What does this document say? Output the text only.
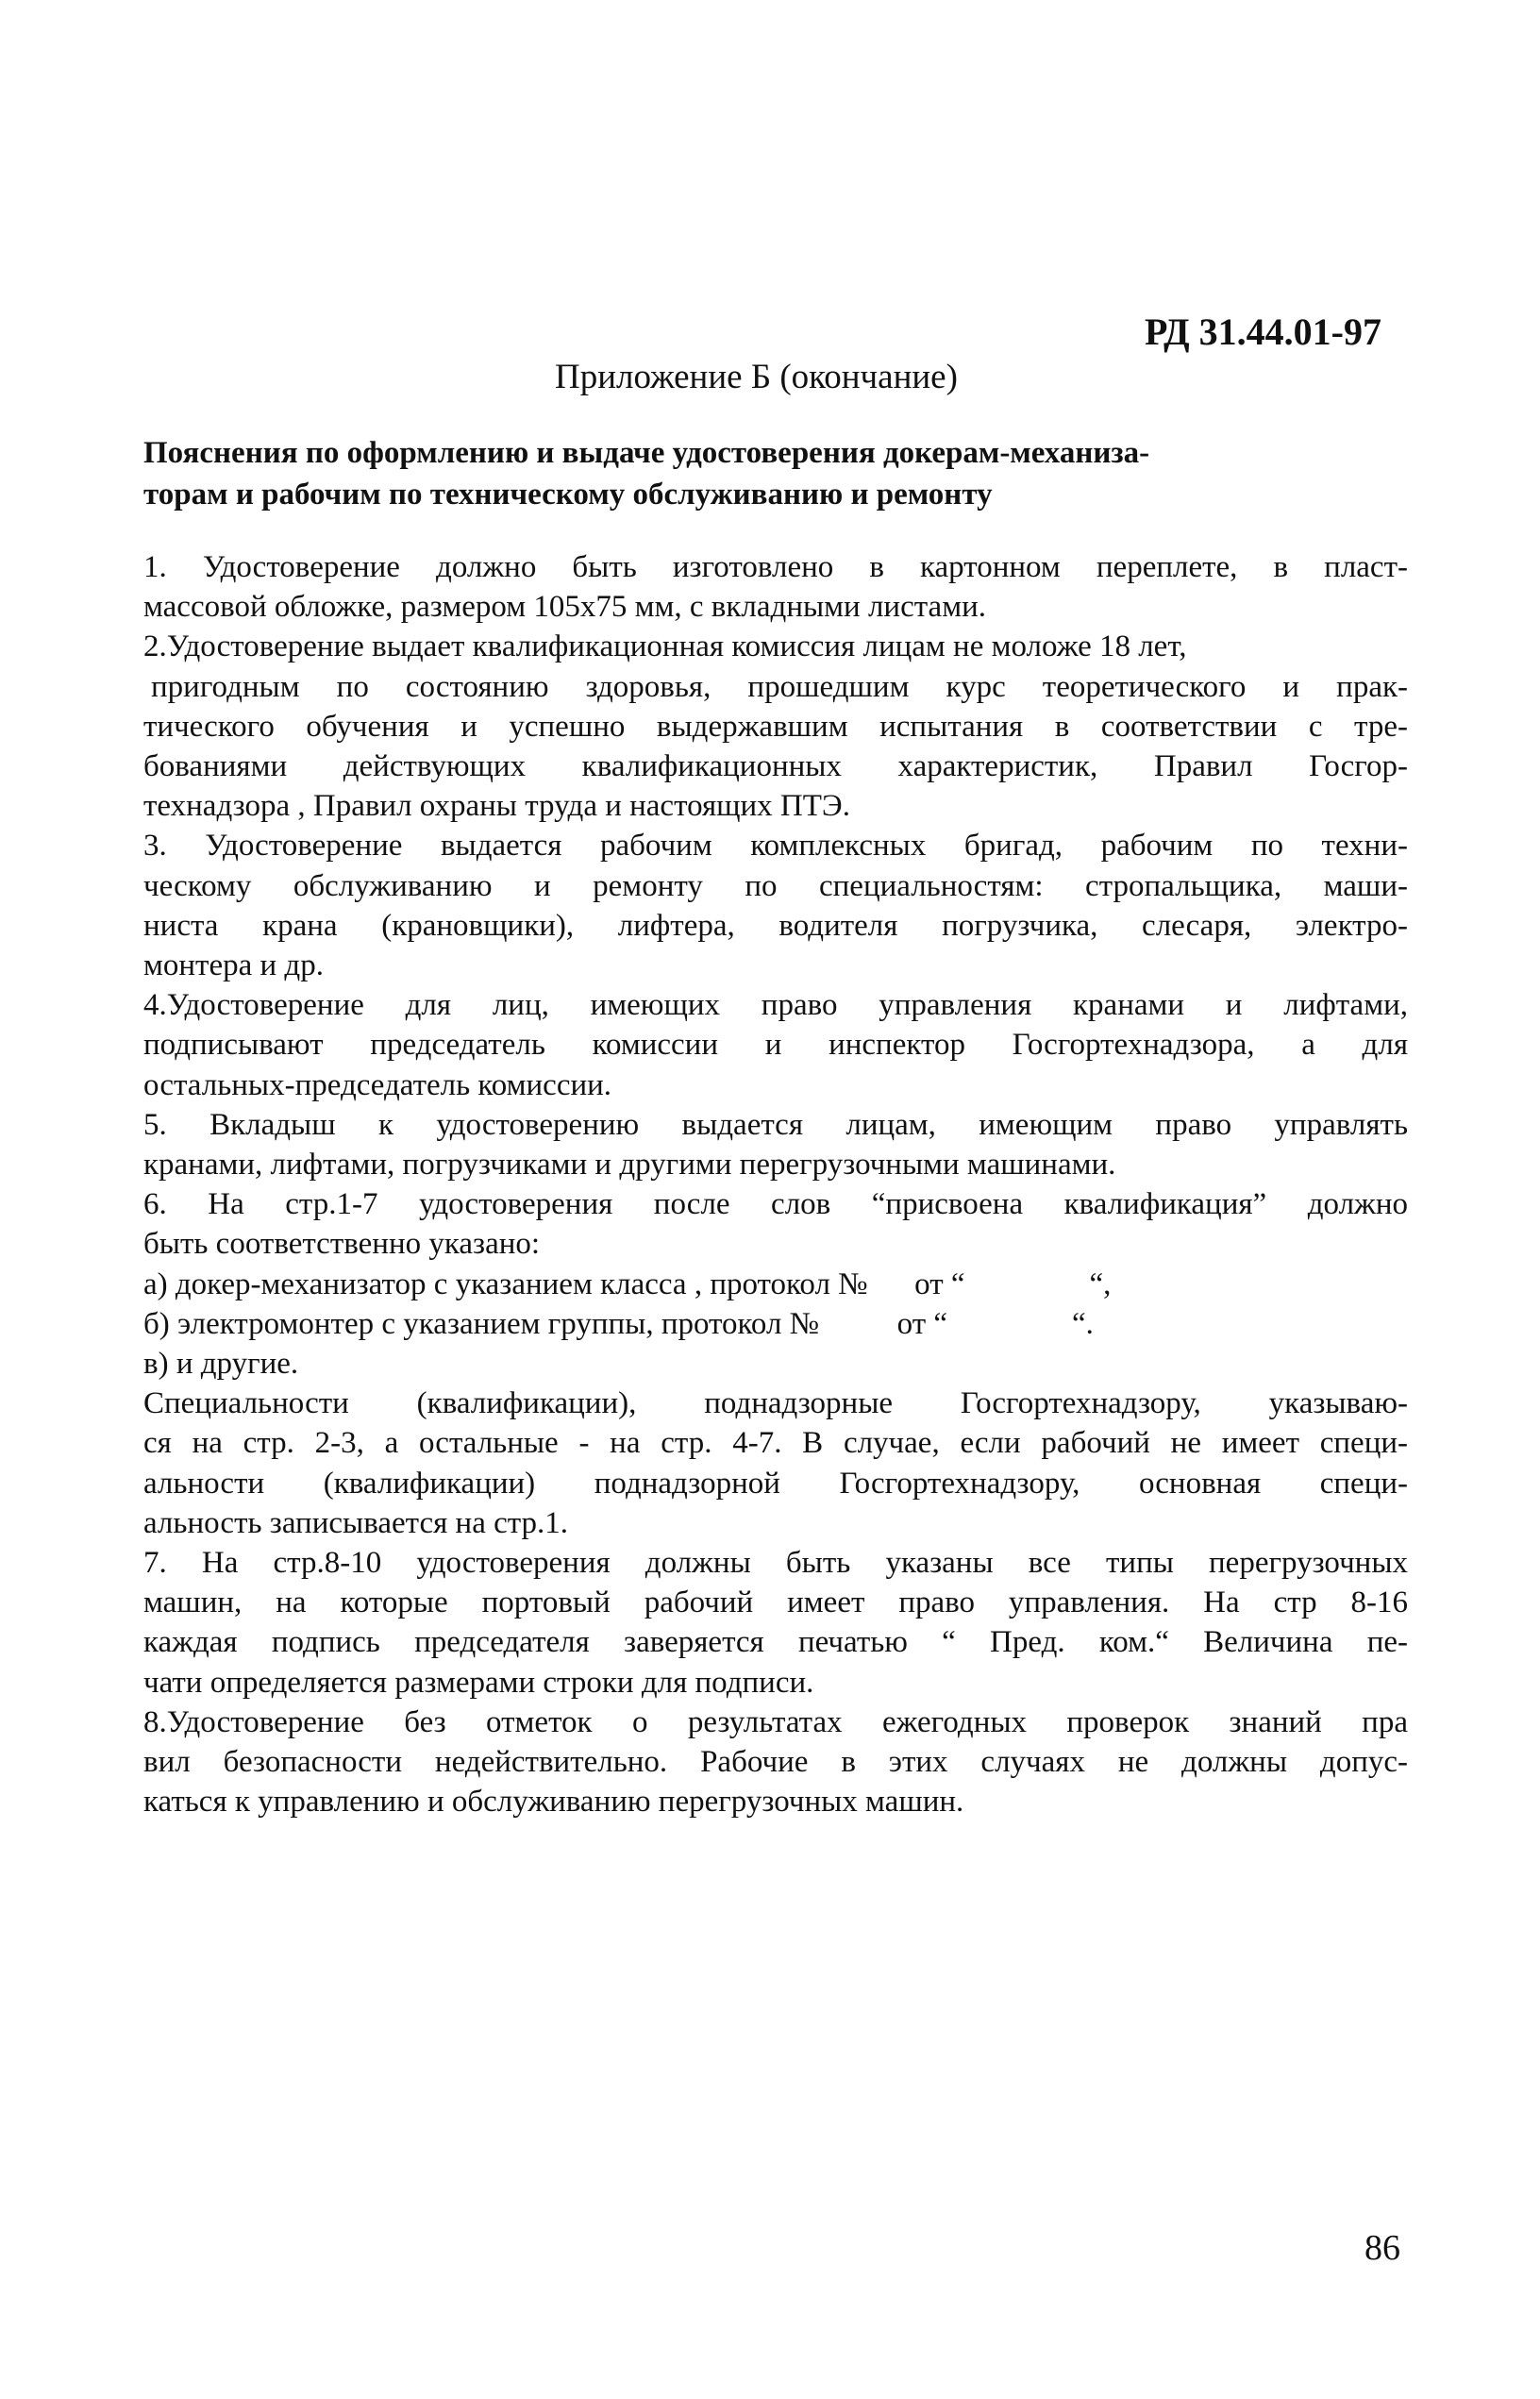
РД 31.44.01-97
Приложение Б (окончание)
Пояснения по оформлению и выдаче удостоверения докерам-механиза-
торам и рабочим по техническому обслуживанию и ремонту
1. Удостоверение должно быть изготовлено в картонном переплете, в пласт-
массовой обложке, размером 105х75 мм, с вкладными листами.
2.Удостоверение выдает квалификационная комиссия лицам не моложе 18 лет,
пригодным по состоянию здоровья, прошедшим курс теоретического и прак-
тического обучения и успешно выдержавшим испытания в соответствии с тре-
бованиями действующих квалификационных характеристик, Правил Госгор-
технадзора , Правил охраны труда и настоящих ПТЭ.
3. Удостоверение выдается рабочим комплексных бригад, рабочим по техни-
ческому обслуживанию и ремонту по специальностям: стропальщика, маши-
ниста крана (крановщики), лифтера, водителя погрузчика, слесаря, электро-
монтера и др.
4.Удостоверение для лиц, имеющих право управления кранами и лифтами,
подписывают председатель комиссии и инспектор Госгортехнадзора, а для
остальных-председатель комиссии.
5. Вкладыш к удостоверению выдается лицам, имеющим право управлять
кранами, лифтами, погрузчиками и другими перегрузочными машинами.
6. На стр.1-7 удостоверения после слов “присвоена квалификация” должно
быть соответственно указано:
а) докер-механизатор с указанием класса , протокол №      от “                “,
б) электромонтер с указанием группы, протокол №          от “                “.
в) и другие.
Специальности (квалификации), поднадзорные Госгортехнадзору, указываю-
ся на стр. 2-3, а остальные - на стр. 4-7. В случае, если рабочий не имеет специ-
альности (квалификации) поднадзорной Госгортехнадзору, основная специ-
альность записывается на стр.1.
7. На стр.8-10 удостоверения должны быть указаны все типы перегрузочных
машин, на которые портовый рабочий имеет право управления. На стр 8-16
каждая подпись председателя заверяется печатью “ Пред. ком.“ Величина пе-
чати определяется размерами строки для подписи.
8.Удостоверение без отметок о результатах ежегодных проверок знаний пра
вил безопасности недействительно. Рабочие в этих случаях не должны допус-
каться к управлению и обслуживанию перегрузочных машин.
86
